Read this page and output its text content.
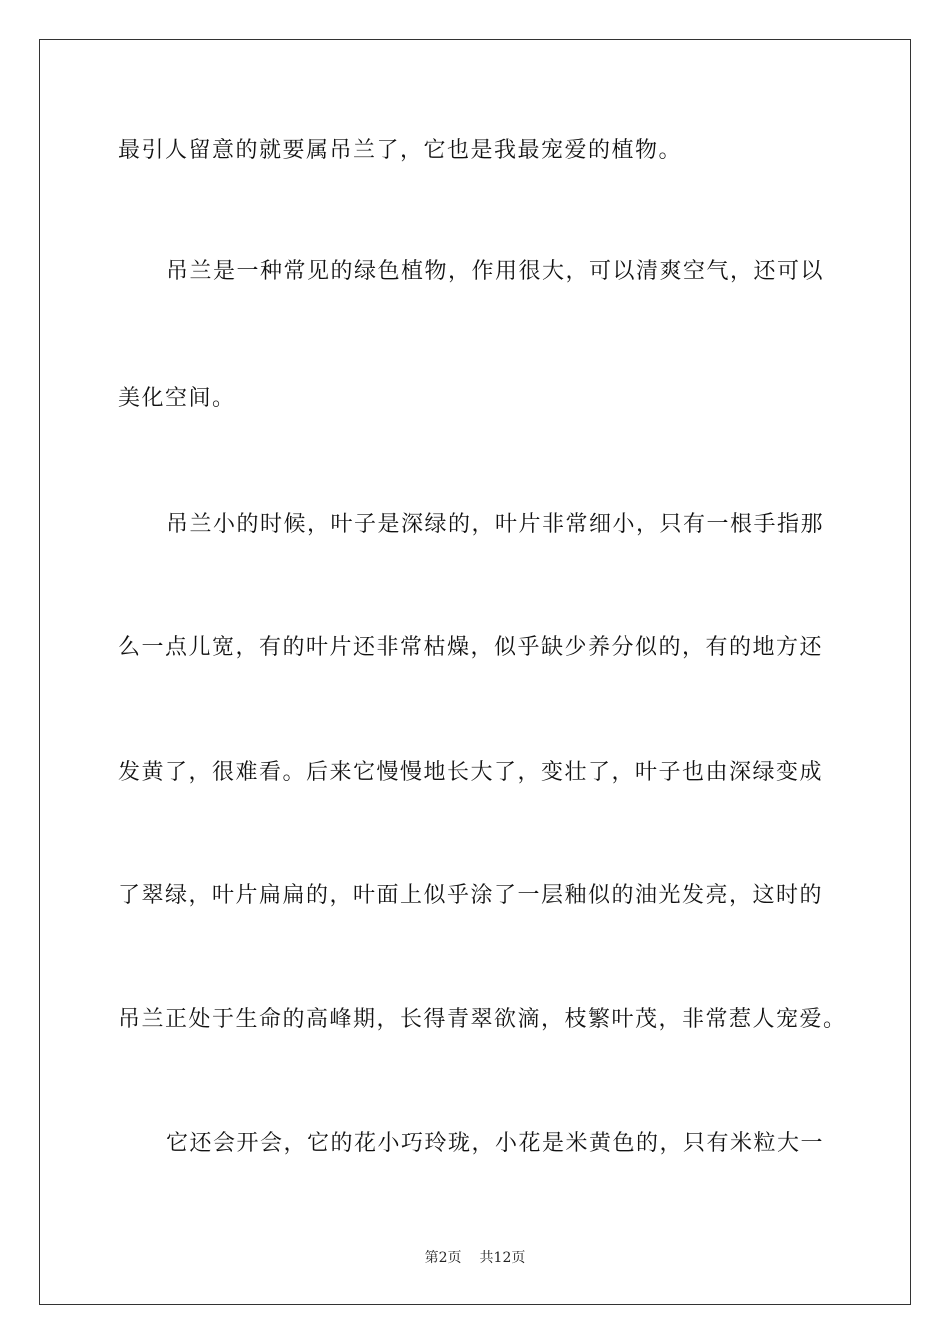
最引人留意的就要属吊兰了，它也是我最宠爱的植物。
吊兰是一种常见的绿色植物，作用很大，可以清爽空气，还可以
美化空间。
吊兰小的时候，叶子是深绿的，叶片非常细小，只有一根手指那
么一点儿宽，有的叶片还非常枯燥，似乎缺少养分似的，有的地方还
发黄了，很难看。后来它慢慢地长大了，变壮了，叶子也由深绿变成
了翠绿，叶片扁扁的，叶面上似乎涂了一层釉似的油光发亮，这时的
吊兰正处于生命的高峰期，长得青翠欲滴，枝繁叶茂，非常惹人宠爱。
它还会开会，它的花小巧玲珑，小花是米黄色的，只有米粒大一
第2页 共12页
